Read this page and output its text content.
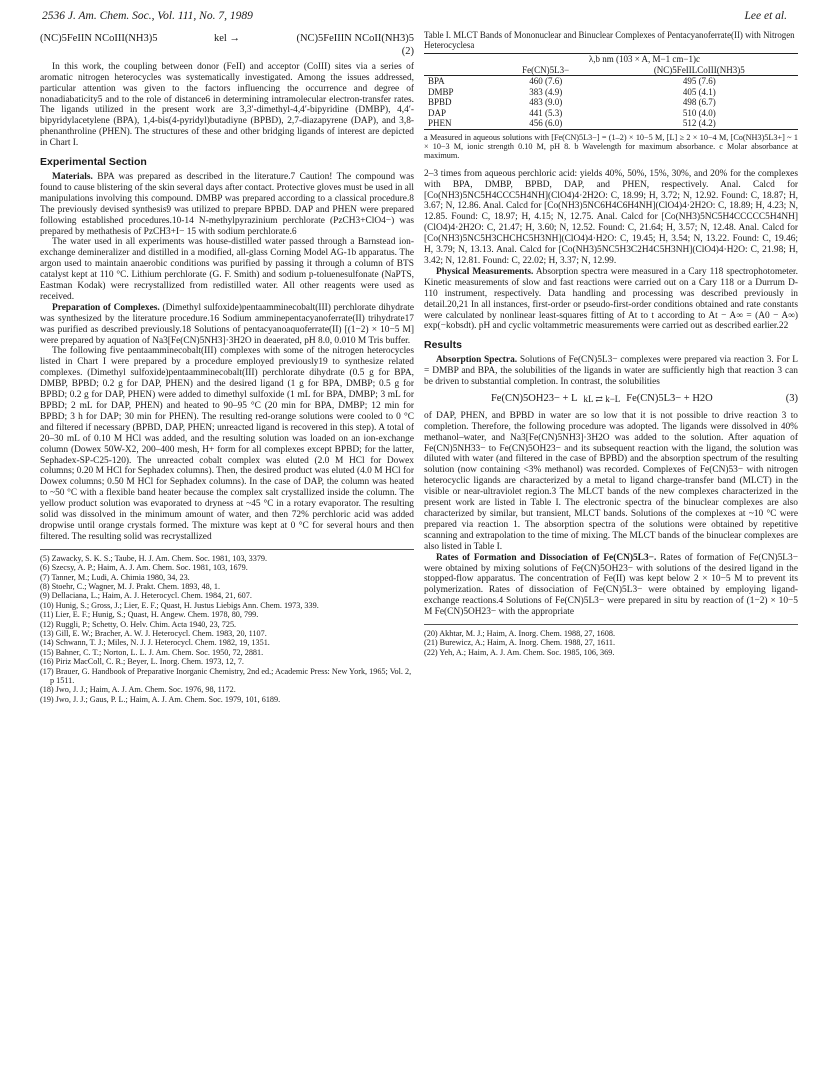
2536 J. Am. Chem. Soc., Vol. 111, No. 7, 1989	Lee et al.
(NC)5FeIIN NCoIII(NH3)5	kel →	(NC)5FeIIIN NCoII(NH3)5
(2)

In this work, the coupling between donor (FeII) and acceptor (CoIII) sites via a series of aromatic nitrogen heterocycles was systematically investigated. Among the issues addressed, particular attention was given to the factors influencing the occurrence and degree of nonadiabaticity5 and to the role of distance6 in determining intramolecular electron-transfer rates. The ligands utilized in the present work are 3,3′-dimethyl-4,4′-bipyridine (DMBP), 4,4′-bipyridylacetylene (BPA), 1,4-bis(4-pyridyl)butadiyne (BPBD), 2,7-diazapyrene (DAP), and 3,8-phenanthroline (PHEN). The structures of these and other bridging ligands of interest are depicted in Chart I.

Experimental Section

Materials. BPA was prepared as described in the literature.7 Caution! The compound was found to cause blistering of the skin several days after contact. Protective gloves must be used in all manipulations involving this compound. DMBP was prepared according to a classical procedure.8 The previously devised synthesis9 was utilized to prepare BPBD. DAP and PHEN were prepared following established procedures.10-14 N-methylpyrazinium perchlorate (PzCH3+ClO4−) was prepared by methathesis of PzCH3+I− 15 with sodium perchlorate.6

The water used in all experiments was house-distilled water passed through a Barnstead ion-exchange demineralizer and distilled in a modified, all-glass Corning Model AG-1b apparatus. The argon used to maintain anaerobic conditions was purified by passing it through a column of BTS catalyst kept at 110 °C. Lithium perchlorate (G. F. Smith) and sodium p-toluenesulfonate (NaPTS, Eastman Kodak) were recrystallized from redistilled water. All other reagents were used as received.

Preparation of Complexes. (Dimethyl sulfoxide)pentaamminecobalt(III) perchlorate dihydrate was synthesized by the literature procedure.16 Sodium amminepentacyanoferrate(II) trihydrate17 was purified as described previously.18 Solutions of pentacyanoaquoferrate(II) [(1−2) × 10−5 M] were prepared by aquation of Na3[Fe(CN)5NH3]·3H2O in deaerated, pH 8.0, 0.010 M Tris buffer.

The following five pentaamminecobalt(III) complexes with some of the nitrogen heterocycles listed in Chart I were prepared by a procedure employed previously19 to synthesize related complexes. (Dimethyl sulfoxide)pentaamminecobalt(III) perchlorate dihydrate (0.5 g for BPA, DMBP, BPBD; 0.2 g for DAP, PHEN) and the desired ligand (1 g for BPA, DMBP; 0.5 g for BPBD; 0.2 g for DAP, PHEN) were added to dimethyl sulfoxide (1 mL for BPA, DMBP; 3 mL for BPBD; 2 mL for DAP, PHEN) and heated to 90–95 °C (20 min for BPA, DMBP; 12 min for BPBD; 3 h for DAP; 30 min for PHEN). The resulting red-orange solutions were cooled to 0 °C and filtered if necessary (BPBD, DAP, PHEN; unreacted ligand is recovered in this step). A total of 20–30 mL of 0.10 M HCl was added, and the resulting solution was loaded on an ion-exchange column (Dowex 50W-X2, 200–400 mesh, H+ form for all complexes except BPBD; for the latter, Sephadex-SP-C25-120). The unreacted cobalt complex was eluted (2.0 M HCl for Dowex columns; 0.20 M HCl for Sephadex columns). Then, the desired product was eluted (4.0 M HCl for Dowex columns; 0.50 M HCl for Sephadex columns). In the case of DAP, the column was heated to ~50 °C with a flexible band heater because the complex salt crystallized inside the column. The yellow product solution was evaporated to dryness at ~45 °C in a rotary evaporator. The resulting solid was dissolved in the minimum amount of water, and then 72% perchloric acid was added dropwise until orange crystals formed. The mixture was kept at 0 °C for several hours and then filtered. The resulting solid was recrystallized

(5) Zawacky, S. K. S.; Taube, H. J. Am. Chem. Soc. 1981, 103, 3379.
(6) Szecsy, A. P.; Haim, A. J. Am. Chem. Soc. 1981, 103, 1679.
(7) Tanner, M.; Ludi, A. Chimia 1980, 34, 23.
(8) Stoehr, C.; Wagner, M. J. Prakt. Chem. 1893, 48, 1.
(9) Dellaciana, L.; Haim, A. J. Heterocycl. Chem. 1984, 21, 607.
(10) Hunig, S.; Gross, J.; Lier, E. F.; Quast, H. Justus Liebigs Ann. Chem. 1973, 339.
(11) Lier, E. F.; Hunig, S.; Quast, H. Angew. Chem. 1978, 80, 799.
(12) Ruggli, P.; Schetty, O. Helv. Chim. Acta 1940, 23, 725.
(13) Gill, E. W.; Bracher, A. W. J. Heterocycl. Chem. 1983, 20, 1107.
(14) Schwann, T. J.; Miles, N. J. J. Heterocycl. Chem. 1982, 19, 1351.
(15) Bahner, C. T.; Norton, L. L. J. Am. Chem. Soc. 1950, 72, 2881.
(16) Piriz MacColl, C. R.; Beyer, L. Inorg. Chem. 1973, 12, 7.
(17) Brauer, G. Handbook of Preparative Inorganic Chemistry, 2nd ed.; Academic Press: New York, 1965; Vol. 2, p 1511.
(18) Jwo, J. J.; Haim, A. J. Am. Chem. Soc. 1976, 98, 1172.
(19) Jwo, J. J.; Gaus, P. L.; Haim, A. J. Am. Chem. Soc. 1979, 101, 6189.
Table I. MLCT Bands of Mononuclear and Binuclear Complexes of Pentacyanoferrate(II) with Nitrogen Heterocyclesa
	λ,b nm (103 × A, M−1 cm−1)c	
	Fe(CN)5L3−	(NC)5FeIILCoIII(NH3)5
BPA	460 (7.6)	495 (7.6)
DMBP	383 (4.9)	405 (4.1)
BPBD	483 (9.0)	498 (6.7)
DAP	441 (5.3)	510 (4.0)
PHEN	456 (6.0)	512 (4.2)
a Measured in aqueous solutions with [Fe(CN)5L3−] = (1–2) × 10−5 M, [L] ≥ 2 × 10−4 M, [Co(NH3)5L3+] ~ 1 × 10−3 M, ionic strength 0.10 M, pH 8. b Wavelength for maximum absorbance. c Molar absorbance at maximum.

2–3 times from aqueous perchloric acid: yields 40%, 50%, 15%, 30%, and 20% for the complexes with BPA, DMBP, BPBD, DAP, and PHEN, respectively. Anal. Calcd for [Co(NH3)5NC5H4CCC5H4NH](ClO4)4·2H2O: C, 18.99; H, 3.72; N, 12.92. Found: C, 18.87; H, 3.67; N, 12.86. Anal. Calcd for [Co(NH3)5NC6H4C6H4NH](ClO4)4·2H2O: C, 18.89; H, 4.23; N, 12.85. Found: C, 18.97; H, 4.15; N, 12.75. Anal. Calcd for [Co(NH3)5NC5H4CCCCC5H4NH](ClO4)4·2H2O: C, 21.47; H, 3.60; N, 12.52. Found: C, 21.64; H, 3.57; N, 12.48. Anal. Calcd for [Co(NH3)5NC5H3CHCHC5H3NH](ClO4)4·H2O: C, 19.45; H, 3.54; N, 13.22. Found: C, 19.46; H, 3.79; N, 13.13. Anal. Calcd for [Co(NH3)5NC5H3C2H4C5H3NH](ClO4)4·H2O: C, 21.98; H, 3.42; N, 12.81. Found: C, 22.02; H, 3.37; N, 12.99.

Physical Measurements. Absorption spectra were measured in a Cary 118 spectrophotometer. Kinetic measurements of slow and fast reactions were carried out on a Cary 118 or a Durrum D-110 instrument, respectively. Data handling and processing was described previously in detail.20,21 In all instances, first-order or pseudo-first-order conditions obtained and rate constants were calculated by nonlinear least-squares fitting of At to t according to At − A∞ = (A0 − A∞) exp(−kobsdt). pH and cyclic voltammetric measurements were carried out as described earlier.22

Results

Absorption Spectra. Solutions of Fe(CN)5L3− complexes were prepared via reaction 3. For L = DMBP and BPA, the solubilities of the ligands in water are sufficiently high that reaction 3 can be driven to substantial completion. In contrast, the solubilities

Fe(CN)5OH23− + L kL ⇄ k−L Fe(CN)5L3− + H2O	(3)

of DAP, PHEN, and BPBD in water are so low that it is not possible to drive reaction 3 to completion. Therefore, the following procedure was adopted. The ligands were dissolved in 40% methanol–water, and Na3[Fe(CN)5NH3]·3H2O was added to the solution. After aquation of Fe(CN)5NH33− to Fe(CN)5OH23− and its subsequent reaction with the ligand, the solution was diluted with water (and filtered in the case of BPBD) and the absorption spectrum of the resulting solution (now containing <3% methanol) was recorded. Complexes of Fe(CN)53− with nitrogen heterocyclic ligands are characterized by a metal to ligand charge-transfer band (MLCT) in the visible or near-ultraviolet region.3 The MLCT bands of the new complexes characterized in the present work are listed in Table I. The electronic spectra of the binuclear complexes are also characterized by similar, but transient, MLCT bands. Solutions of the complexes at ~10 °C were prepared via reaction 1. The absorption spectra of the solutions were obtained by repetitive scanning and extrapolation to the time of mixing. The MLCT bands of the binuclear complexes are also listed in Table I.

Rates of Formation and Dissociation of Fe(CN)5L3−. Rates of formation of Fe(CN)5L3− were obtained by mixing solutions of Fe(CN)5OH23− with solutions of the desired ligand in the stopped-flow apparatus. The concentration of Fe(II) was kept below 2 × 10−5 M to prevent its polymerization. Rates of dissociation of Fe(CN)5L3− were obtained by employing ligand-exchange reactions.4 Solutions of Fe(CN)5L3− were prepared in situ by reaction of (1−2) × 10−5 M Fe(CN)5OH23− with the appropriate

(20) Akhtar, M. J.; Haim, A. Inorg. Chem. 1988, 27, 1608.
(21) Burewicz, A.; Haim, A. Inorg. Chem. 1988, 27, 1611.
(22) Yeh, A.; Haim, A. J. Am. Chem. Soc. 1985, 106, 369.
